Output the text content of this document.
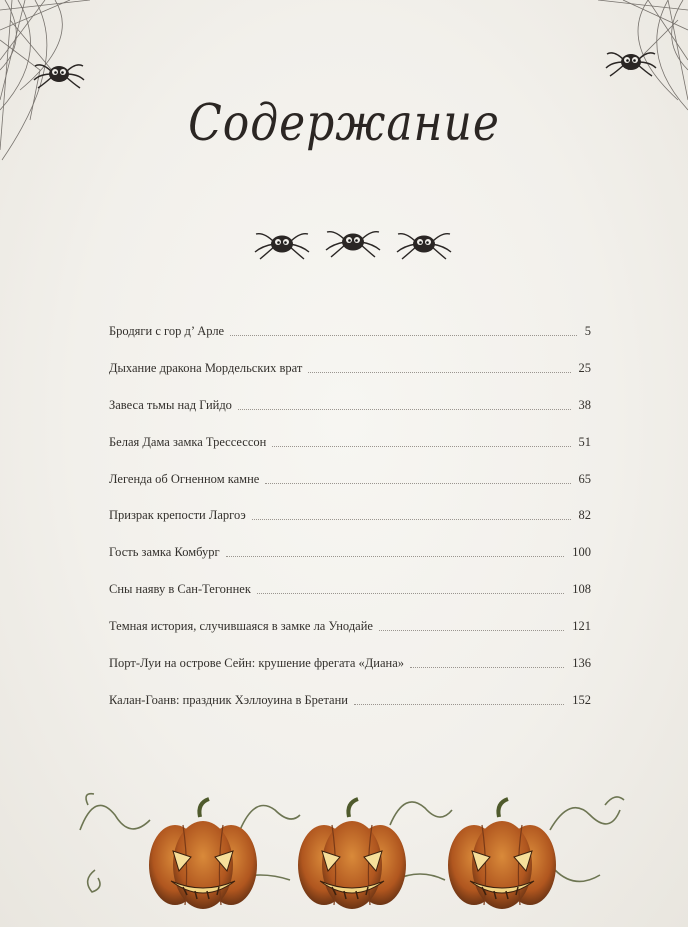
Содержание
Бродяги с гор д’ Арле	5
Дыхание дракона Мордельских врат	25
Завеса тьмы над Гийдо	38
Белая Дама замка Трессессон	51
Легенда об Огненном камне	65
Призрак крепости Ларгоэ	82
Гость замка Комбург	100
Сны наяву в Сан-Тегоннек	108
Темная история, случившаяся в замке ла Унодайе	121
Порт-Луи на острове Сейн: крушение фрегата «Диана»	136
Калан-Гоанв: праздник Хэллоуина в Бретани	152
